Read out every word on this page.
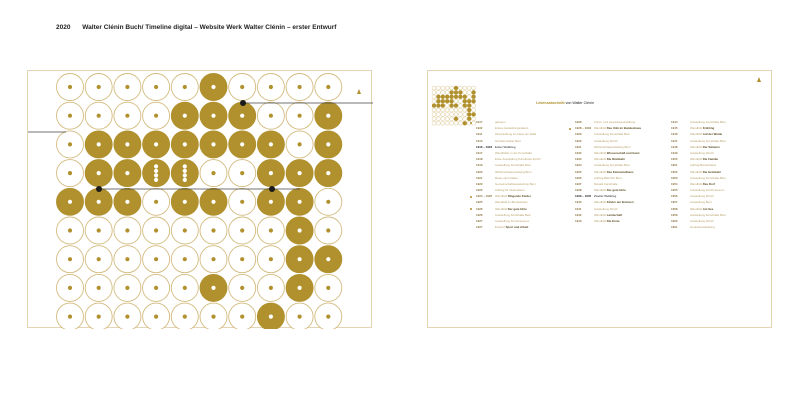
2020 Walter Clénin Buch/ Timeline digital – Website Werk Walter Clénin – erster Entwurf
Lebensabschnitt von Walter Clénin
1917	geboren
1932	Erstes Ausstellungsdatum
1911	Übersiedlung ins Haus am Wald
1913	Gründet Atelier Bern
1916 – 1918	Erster Weltkrieg
1917	Wandbilder in der Kunsthalle
1918	Erste Ausstellung Kunsthaus Zürich
1919	Ausstellung Kunsthalle Bern
1920	Weihnachtsausstellung Bern
1921	Reise nach Italien
1922	Gemeinschaftsausstellung Bern
1923	Auftrag für Glasmalerei
1924 – 1925	Wandbild Ringende Kinder
1925	Wandbild im Bundeshaus
1926	Wandbild Der gute Hirte
1926	Ausstellung Kunsthalle Bern
1927	Ausstellung Kunstmuseum
1927	Entwurf Sport und Arbeit
1928	Kunst- und Gewerbeausstellung
1928 – 1933	Wandbild Das Volk im Bundeshaus
1929	Ausstellung Kunsthalle Bern
1930	Ausstellung Zürich
1931	Weihnachtsausstellung Bern
1932	Wandbild Wissenschaft und Geist
1933	Wandbild Die Rückkehr
1934	Ausstellung Kunsthalle Bern
1935	Wandbild Das Emmentalhaus
1936	Auftrag Bahnhof Bern
1937	Mosaik Kunsthalle
1938	Wandbild Der gute Hirte
1939 – 1945	Zweiter Weltkrieg
1940	Wandbild Kinder am Brunnen
1941	Ausstellung Zürich
1942	Wandbild Landschaft
1943	Wandbild Die Ernte
1944	Ausstellung Kunsthalle Bern
1945	Wandbild Frühling
1946	Wandbild Auf der Weide
1947	Ausstellung Kunsthalle Bern
1948	Wandbild Der Sämann
1949	Ausstellung Zürich
1950	Wandbild Die Familie
1951	Auftrag Bundeshaus
1952	Wandbild Die Heimkehr
1953	Ausstellung Kunsthalle Bern
1954	Wandbild Das Dorf
1955	Ausstellung Kunstmuseum
1956	Ausstellung Zürich
1957	Ausstellung Bern
1958	Wandbild Am See
1959	Ausstellung Kunsthalle Bern
1960	Ausstellung Zürich
1961	Gedenkausstellung
